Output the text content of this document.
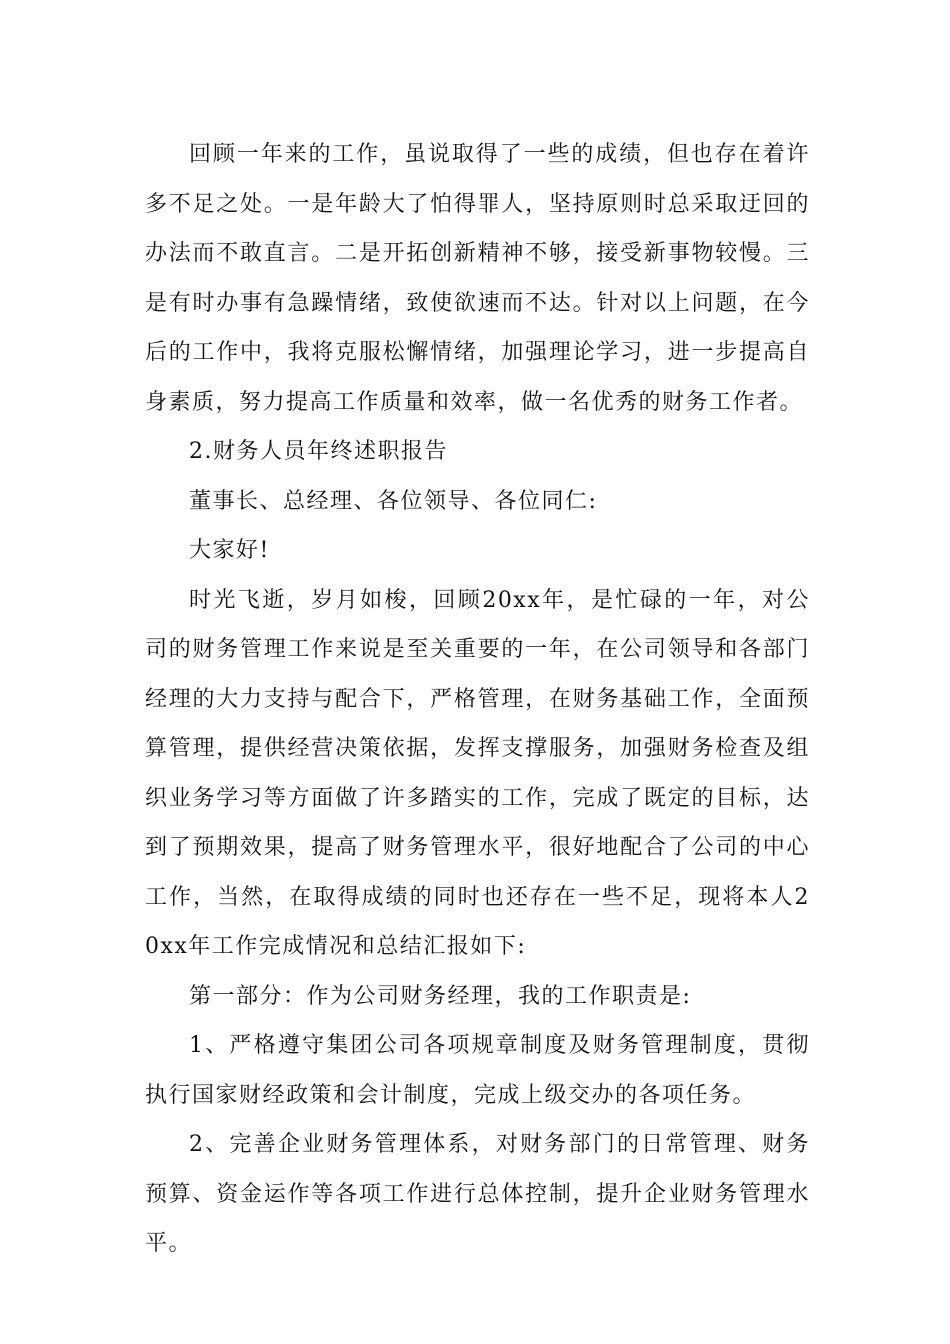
回顾一年来的工作，虽说取得了一些的成绩，但也存在着许多不足之处。一是年龄大了怕得罪人，坚持原则时总采取迂回的办法而不敢直言。二是开拓创新精神不够，接受新事物较慢。三是有时办事有急躁情绪，致使欲速而不达。针对以上问题，在今后的工作中，我将克服松懈情绪，加强理论学习，进一步提高自身素质，努力提高工作质量和效率，做一名优秀的财务工作者。

2.财务人员年终述职报告

董事长、总经理、各位领导、各位同仁:

大家好!

时光飞逝，岁月如梭，回顾20xx年，是忙碌的一年，对公司的财务管理工作来说是至关重要的一年，在公司领导和各部门经理的大力支持与配合下，严格管理，在财务基础工作，全面预算管理，提供经营决策依据，发挥支撑服务，加强财务检查及组织业务学习等方面做了许多踏实的工作，完成了既定的目标，达到了预期效果，提高了财务管理水平，很好地配合了公司的中心工作，当然，在取得成绩的同时也还存在一些不足，现将本人20xx年工作完成情况和总结汇报如下:

第一部分：作为公司财务经理，我的工作职责是:

1、严格遵守集团公司各项规章制度及财务管理制度，贯彻执行国家财经政策和会计制度，完成上级交办的各项任务。

2、完善企业财务管理体系，对财务部门的日常管理、财务预算、资金运作等各项工作进行总体控制，提升企业财务管理水平。
